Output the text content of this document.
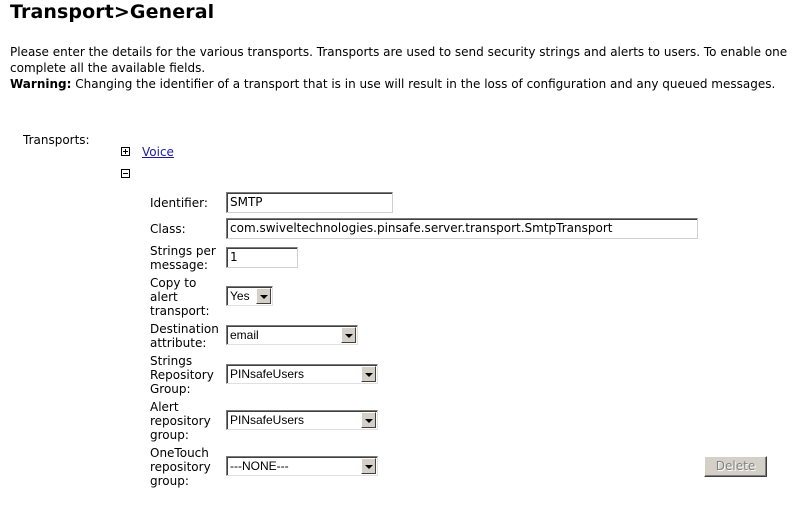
Transport>General
Please enter the details for the various transports. Transports are used to send security strings and alerts to users. To enable one complete all the available fields.
Warning: Changing the identifier of a transport that is in use will result in the loss of configuration and any queued messages.
Transports:
Voice
Identifier:	SMTP
Class:	com.swiveltechnologies.pinsafe.server.transport.SmtpTransport
Strings per
message:
1
Copy to
alert
transport:
Yes
Destination
attribute:
email
Strings
Repository
Group:
PINsafeUsers
Alert
repository
group:
PINsafeUsers
OneTouch
repository
group:
---NONE---	Delete
